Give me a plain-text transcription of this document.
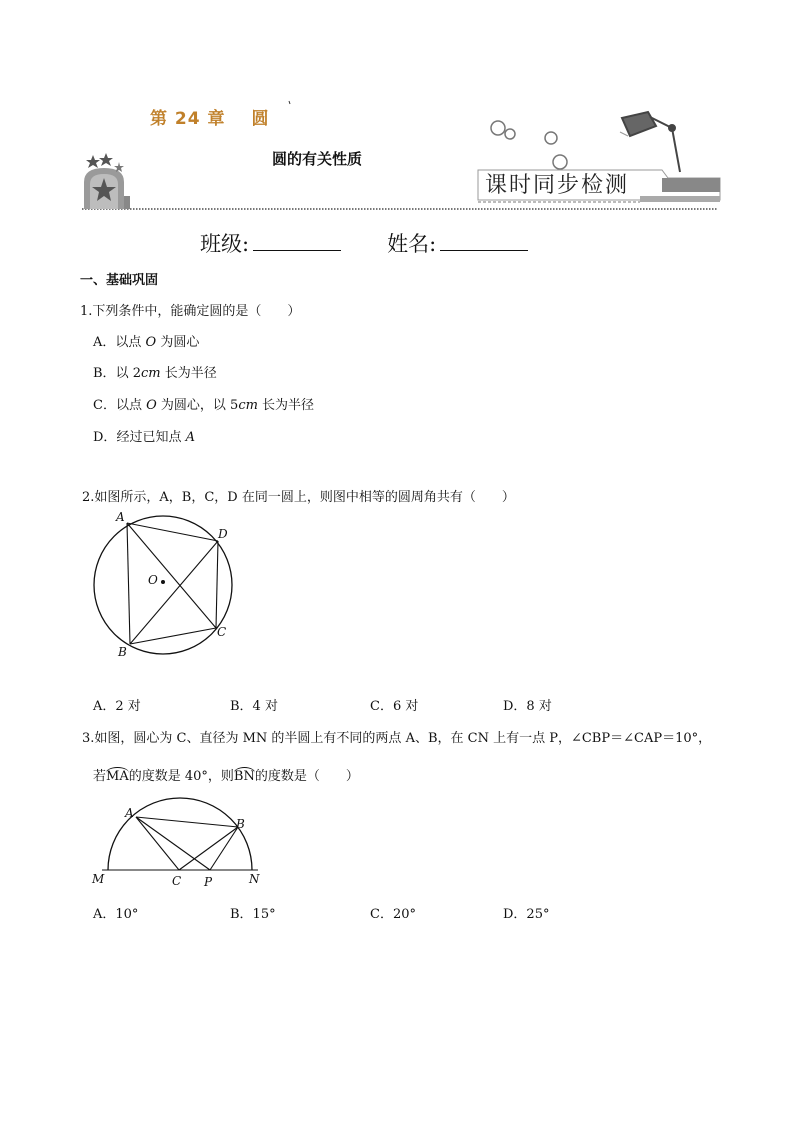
第 24 章 圆
圆的有关性质
课时同步检测
班级:	姓名:
一、基础巩固
1.下列条件中，能确定圆的是（　　）
A．以点 O 为圆心
B．以 2cm 长为半径
C．以点 O 为圆心，以 5cm 长为半径
D．经过已知点 A
2.如图所示，A，B，C，D 在同一圆上，则图中相等的圆周角共有（　　）
A
D
O
C
B
A．2 对	B．4 对	C．6 对	D．8 对
3.如图，圆心为 C、直径为 MN 的半圆上有不同的两点 A、B，在 CN 上有一点 P，∠CBP＝∠CAP＝10°，
若MA的度数是 40°，则BN的度数是（　　）
A
B
M	C P	N
A．10°	B．15°	C．20°	D．25°
